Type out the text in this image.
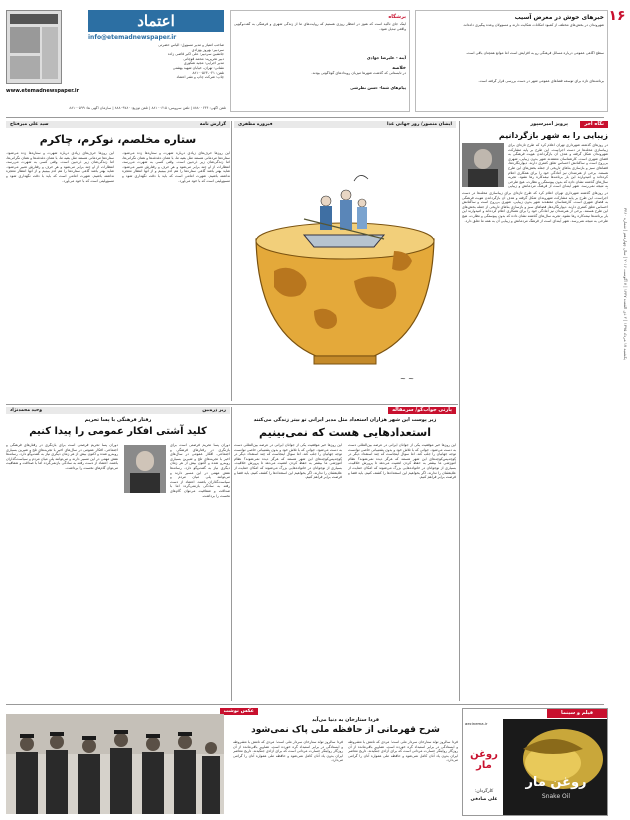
۱۶
یکشنبه ۱۷ مرداد ۱۳۹۵ | ۲ ذی القعده ۱۴۳۷ | ۷ آگوست ۲۰۱۶ | سال چهاردهم | شماره ۳۴۶۰
خبرهای خوش در معرض آسیب
شهروندان در بخش‌های مختلف از کمبود امکانات شکایت دارند و مسوولان وعده پیگیری داده‌اند.
سطح آگاهی عمومی درباره مسائل فرهنگی رو به افزایش است اما موانع همچنان باقی است.
برنامه‌های تازه برای توسعه فضاهای عمومی شهر در دست بررسی قرار گرفته است.
برشگاه
اینک جای تاکید است که هنوز در انتظار روزی هستیم که روایت‌های ما از زندگی شهری و فرهنگی به گفت‌وگویی واقعی تبدیل شود.
آینه - علیرضا جوادی
خلاصه
در تابستانی که گذشت شهرها میزبان رویدادهای گوناگونی بودند.
پیام‌های شما- حسن نظرشی
اعتماد
info@etemadnewspaper.ir
صاحب امتیاز و مدیر مسوول: الیاس حضرتی
سردبیر: بهروز بهزادی
جانشین سردبیر: علی اکبر قاضی زاده
دبیر تحریریه: محمد قوچانی
مدیر اجرایی: مجید شکوری
نشانی: تهران، خیابان شهید بهشتی
تلفن: ۰۲۱-۸۸۱۰۰۵۶۴
چاپ: شرکت چاپ و نشر اعتماد
www.etemadnewspaper.ir
تلفن آگهی: ۸۸۸۰۰۶۴۴ | تلفن سرویس: ۸۸۱۰۰۶۱۵ | تلفن توزیع: ۸۸۸۰۹۷۸۰ | سازمان آگهی ها: ۸۸۱۰۰۵۹۹
نگاه آخر
پرویز امیرسپور
زیبایی را به شهر بازگردانیم
در روزهای گذشته شهرداری تهران اعلام کرد که طرح تازه‌ای برای زیباسازی محله‌ها در دست اجراست. این طرح بر پایه مشارکت شهروندان شکل گرفته و هدف آن بازگرداندن هویت فرهنگی به فضای شهری است. کارشناسان معتقدند شهر بدون زیبایی، شهری بی‌روح است و ساکنانش احساس تعلق کمتری دارند. دیوارنگاره‌ها، فضاهای سبز و بازسازی بناهای تاریخی از جمله بخش‌های این طرح هستند. برخی از هنرمندان نیز آمادگی خود را برای همکاری اعلام کرده‌اند و امیدوارند این بار برنامه‌ها نیمه‌کاره رها نشود. تجربه سال‌های گذشته نشان داده که بدون پیوستگی و نظارت، هیچ طرحی به نتیجه نمی‌رسد. شهر آینه‌ای است از فرهنگ مردمانش و زیبایی
در روزهای گذشته شهرداری تهران اعلام کرد که طرح تازه‌ای برای زیباسازی محله‌ها در دست اجراست. این طرح بر پایه مشارکت شهروندان شکل گرفته و هدف آن بازگرداندن هویت فرهنگی به فضای شهری است. کارشناسان معتقدند شهر بدون زیبایی، شهری بی‌روح است و ساکنانش احساس تعلق کمتری دارند. دیوارنگاره‌ها، فضاهای سبز و بازسازی بناهای تاریخی از جمله بخش‌های این طرح هستند. برخی از هنرمندان نیز آمادگی خود را برای همکاری اعلام کرده‌اند و امیدوارند این بار برنامه‌ها نیمه‌کاره رها نشود. تجربه سال‌های گذشته نشان داده که بدون پیوستگی و نظارت، هیچ طرحی به نتیجه نمی‌رسد. شهر آینه‌ای است از فرهنگ مردمانش و زیبایی آن به همه ما تعلق دارد.
ایشان منصور/ روز جهانی غذا
فیروزه مظفری
~ ~
گزارش نامه
سید علی میرفتاح
ستاره مخلصم، نوکرم، چاکرم
این روزها حرف‌های زیادی درباره شهرت و ستاره‌ها زده می‌شود. ستاره‌ها مردمانی هستند مثل بقیه ما، با همان دغدغه‌ها و همان نگرانی‌ها، اما زندگی‌شان زیر ذره‌بین است. وقتی کسی به شهرت می‌رسد، انتظارات از او چند برابر می‌شود و هر حرف و رفتارش تعبیر می‌شود. شاید بهتر باشد گاهی ستاره‌ها را هم آدم ببینیم و از آنها انتظار معجزه نداشته باشیم. شهرت امانتی است که باید با دقت نگهداری شود و مسوولیتی است که با خود می‌آورد.
این روزها حرف‌های زیادی درباره شهرت و ستاره‌ها زده می‌شود. ستاره‌ها مردمانی هستند مثل بقیه ما، با همان دغدغه‌ها و همان نگرانی‌ها، اما زندگی‌شان زیر ذره‌بین است. وقتی کسی به شهرت می‌رسد، انتظارات از او چند برابر می‌شود و هر حرف و رفتارش تعبیر می‌شود. شاید بهتر باشد گاهی ستاره‌ها را هم آدم ببینیم و از آنها انتظار معجزه نداشته باشیم. شهرت امانتی است که باید با دقت نگهداری شود و مسوولیتی است که با خود می‌آورد.
پارتی جواب‌گو/ سرمقاله
زیر پوست این شهر هزاران استعداد مثل مدیر ایرانی تو بیتر زندگی می‌کنند
استعدادهایی هست که نمی‌بینیم
این روزها خبر موفقیت یکی از جوانان ایرانی در عرصه بین‌المللی دست به دست می‌شود. جوانی که با تلاش خود و بدون پشتیبانی خاصی توانست توجه جهانیان را جلب کند. اما سوال اینجاست که چند استعداد دیگر در کوچه‌پس‌کوچه‌های این شهر هستند که هرگز دیده نمی‌شوند؟ نظام آموزشی ما بیشتر به حفظ کردن اهمیت می‌دهد تا پرورش خلاقیت. بسیاری از نوجوانان در خانواده‌هایی بزرگ می‌شوند که امکان حمایت از علایقشان را ندارند. اگر بخواهیم این استعدادها را کشف کنیم، باید فضا و فرصت برابر فراهم کنیم.
این روزها خبر موفقیت یکی از جوانان ایرانی در عرصه بین‌المللی دست به دست می‌شود. جوانی که با تلاش خود و بدون پشتیبانی خاصی توانست توجه جهانیان را جلب کند. اما سوال اینجاست که چند استعداد دیگر در کوچه‌پس‌کوچه‌های این شهر هستند که هرگز دیده نمی‌شوند؟ نظام آموزشی ما بیشتر به حفظ کردن اهمیت می‌دهد تا پرورش خلاقیت. بسیاری از نوجوانان در خانواده‌هایی بزرگ می‌شوند که امکان حمایت از علایقشان را ندارند. اگر بخواهیم این استعدادها را کشف کنیم، باید فضا و فرصت برابر فراهم کنیم.
زیر ذره‌بین
وحید محمدنژاد
رفتار فرهنگی با پسا تحریم
کلید آشتی افکار عمومی را پیدا کنیم
دوران پسا تحریم فرصتی است برای بازنگری در رفتارهای فرهنگی و اجتماعی. افکار عمومی در سال‌های اخیر با تجربه‌های تلخ و شیرین بسیاری روبه‌رو شده و اکنون بیش از هر زمان دیگری نیاز به گفت‌وگو دارد. رسانه‌ها نقش مهمی در این مسیر دارند و می‌توانند پلی میان مردم و سیاست‌گذاران باشند. اعتماد از دست رفته به سادگی بازنمی‌گردد اما با صداقت و شفافیت می‌توان گام‌های نخست را برداشت.
دوران پسا تحریم فرصتی است برای بازنگری در رفتارهای فرهنگی و اجتماعی. افکار عمومی در سال‌های اخیر با تجربه‌های تلخ و شیرین بسیاری روبه‌رو شده و اکنون بیش از هر زمان دیگری نیاز به گفت‌وگو دارد. رسانه‌ها نقش مهمی در این مسیر دارند و می‌توانند پلی میان مردم و سیاست‌گذاران باشند. اعتماد از دست رفته به سادگی بازنمی‌گردد اما با صداقت و شفافیت می‌توان گام‌های نخست را برداشت.
عکس نوشت
فردا ستارخان به دنیا می‌آید
شرح قهرمانی از حافظه ملی پاک نمی‌شود
فردا سالروز تولد ستارخان سردار ملی است؛ مردی که نامش با مشروطه و ایستادگی در برابر استبداد گره خورده است. تصاویر باقی‌مانده از آن روزگار روایتگر جسارت مردانی است که برای آزادی جنگیدند. تاریخ معاصر ایران بدون یاد آنان کامل نمی‌شود و حافظه ملی همواره آنان را گرامی می‌دارد.
فردا سالروز تولد ستارخان سردار ملی است؛ مردی که نامش با مشروطه و ایستادگی در برابر استبداد گره خورده است. تصاویر باقی‌مانده از آن روزگار روایتگر جسارت مردانی است که برای آزادی جنگیدند. تاریخ معاصر ایران بدون یاد آنان کامل نمی‌شود و حافظه ملی همواره آنان را گرامی می‌دارد.
فیلم و سینما
روغن مار
Snake Oil
aecinema.ir
روغن مار
کارگردان:
علی صادقی
